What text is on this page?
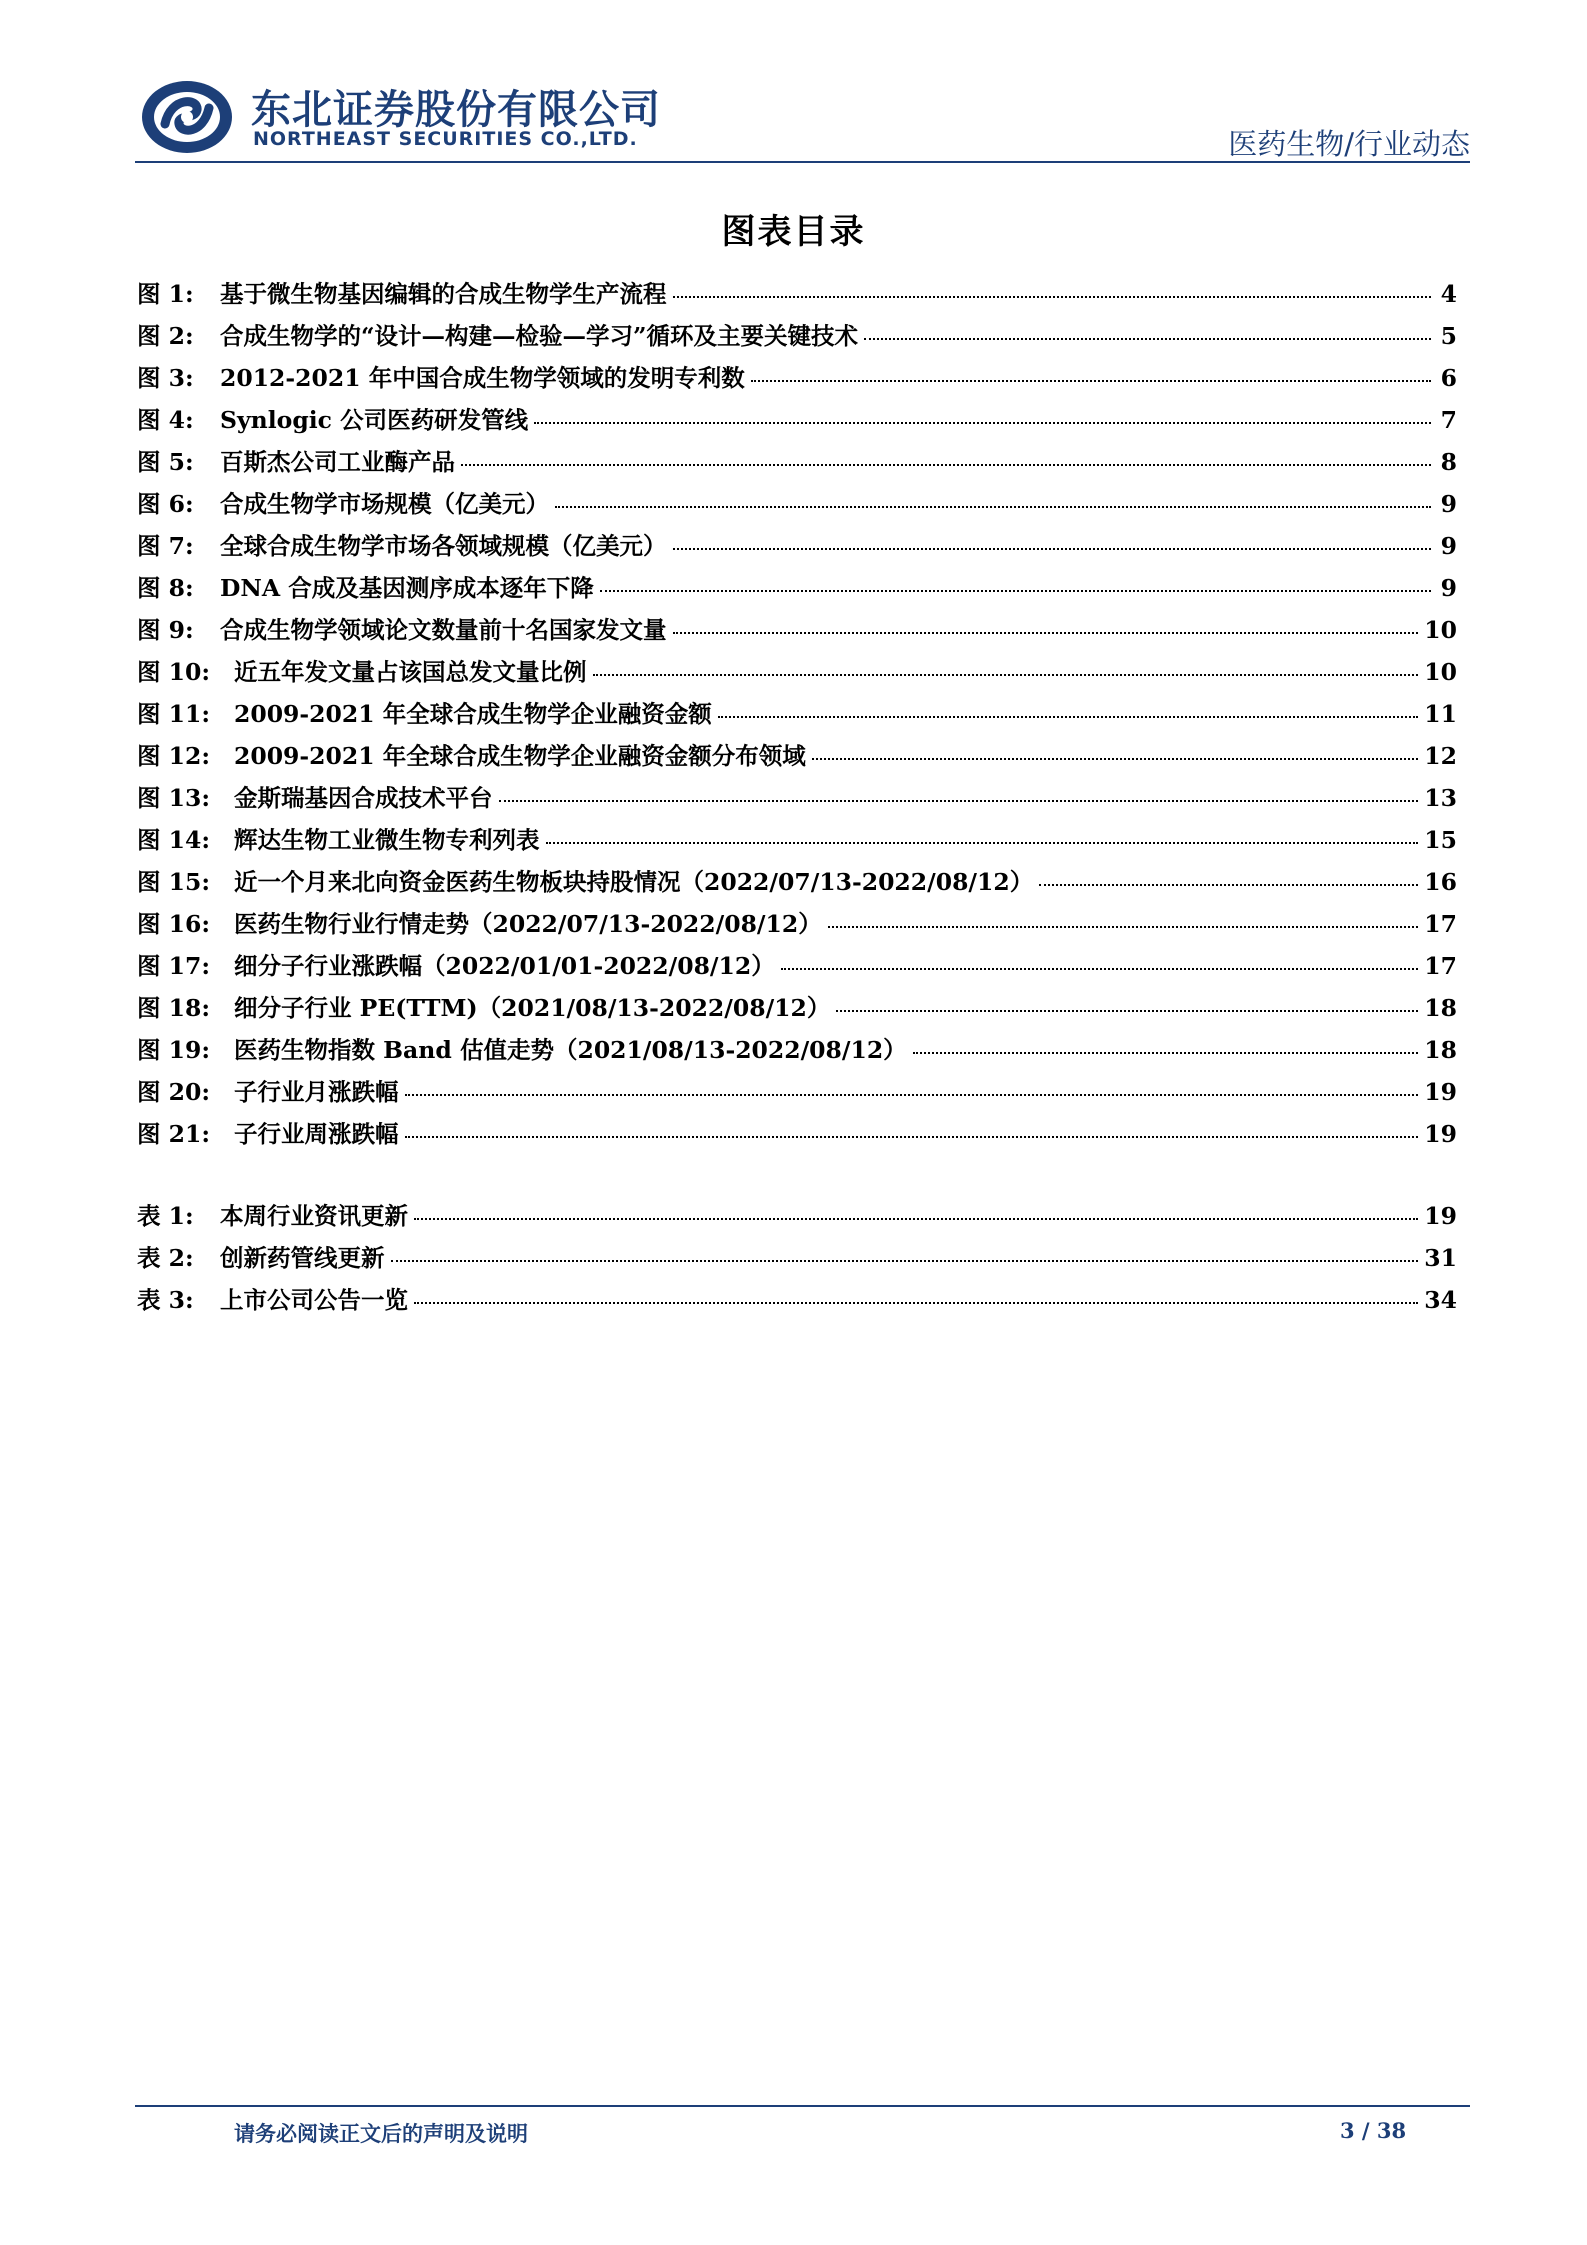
东北证券股份有限公司
NORTHEAST SECURITIES CO.,LTD.	医药生物/行业动态
图表目录
图 1:	基于微生物基因编辑的合成生物学生产流程	4
图 2:	合成生物学的“设计—构建—检验—学习”循环及主要关键技术	5
图 3:	2012-2021 年中国合成生物学领域的发明专利数	6
图 4:	Synlogic 公司医药研发管线	7
图 5:	百斯杰公司工业酶产品	8
图 6:	合成生物学市场规模（亿美元）	9
图 7:	全球合成生物学市场各领域规模（亿美元）	9
图 8:	DNA 合成及基因测序成本逐年下降	9
图 9:	合成生物学领域论文数量前十名国家发文量	10
图 10:	近五年发文量占该国总发文量比例	10
图 11:	2009-2021 年全球合成生物学企业融资金额	11
图 12:	2009-2021 年全球合成生物学企业融资金额分布领域	12
图 13:	金斯瑞基因合成技术平台	13
图 14:	辉达生物工业微生物专利列表	15
图 15:	近一个月来北向资金医药生物板块持股情况（2022/07/13-2022/08/12）	16
图 16:	医药生物行业行情走势（2022/07/13-2022/08/12）	17
图 17:	细分子行业涨跌幅（2022/01/01-2022/08/12）	17
图 18:	细分子行业 PE(TTM)（2021/08/13-2022/08/12）	18
图 19:	医药生物指数 Band 估值走势（2021/08/13-2022/08/12）	18
图 20:	子行业月涨跌幅	19
图 21:	子行业周涨跌幅	19
表 1:	本周行业资讯更新	19
表 2:	创新药管线更新	31
表 3:	上市公司公告一览	34
请务必阅读正文后的声明及说明	3 / 38
